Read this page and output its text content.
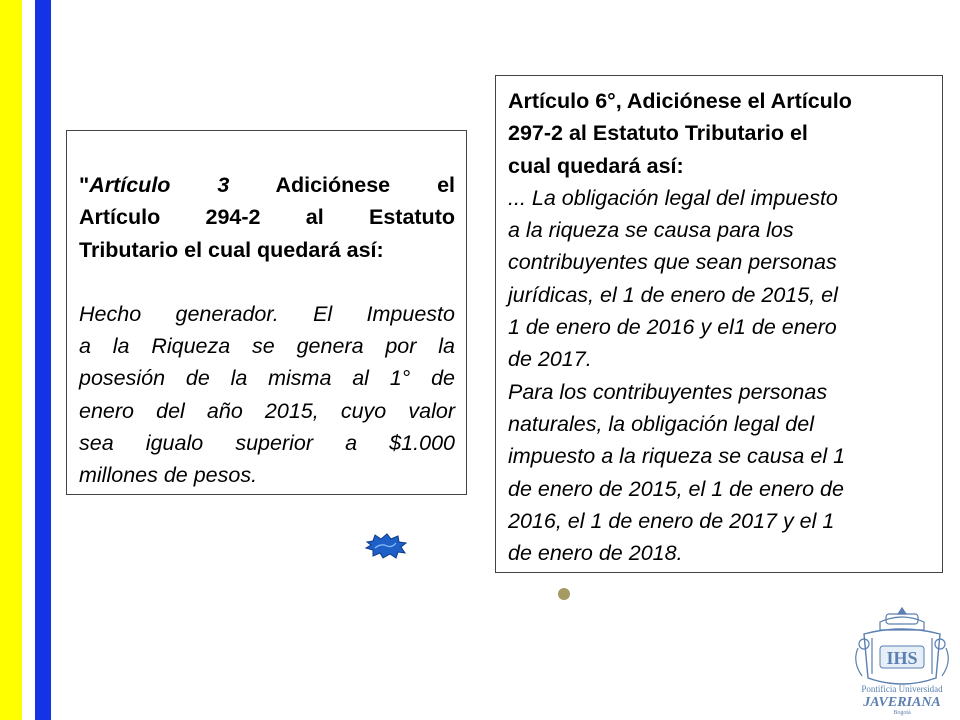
"Artículo 3 Adiciónese el

Artículo 294-2 al Estatuto

Tributario el cual quedará así:

Hecho generador. El Impuesto

a la Riqueza se genera por la

posesión de la misma al 1° de

enero del año 2015, cuyo valor

sea igualo superior a $1.000

millones de pesos.

Artículo 6°, Adiciónese el Artículo

297-2 al Estatuto Tributario el

cual quedará así:

... La obligación legal del impuesto

a la riqueza se causa para los

contribuyentes que sean personas

jurídicas, el 1 de enero de 2015, el

1 de enero de 2016 y el1 de enero

de 2017.

Para los contribuyentes personas

naturales, la obligación legal del

impuesto a la riqueza se causa el 1

de enero de 2015, el 1 de enero de

2016, el 1 de enero de 2017 y el 1

de enero de 2018.

IHS
Pontificia Universidad
JAVERIANA
Bogotá
